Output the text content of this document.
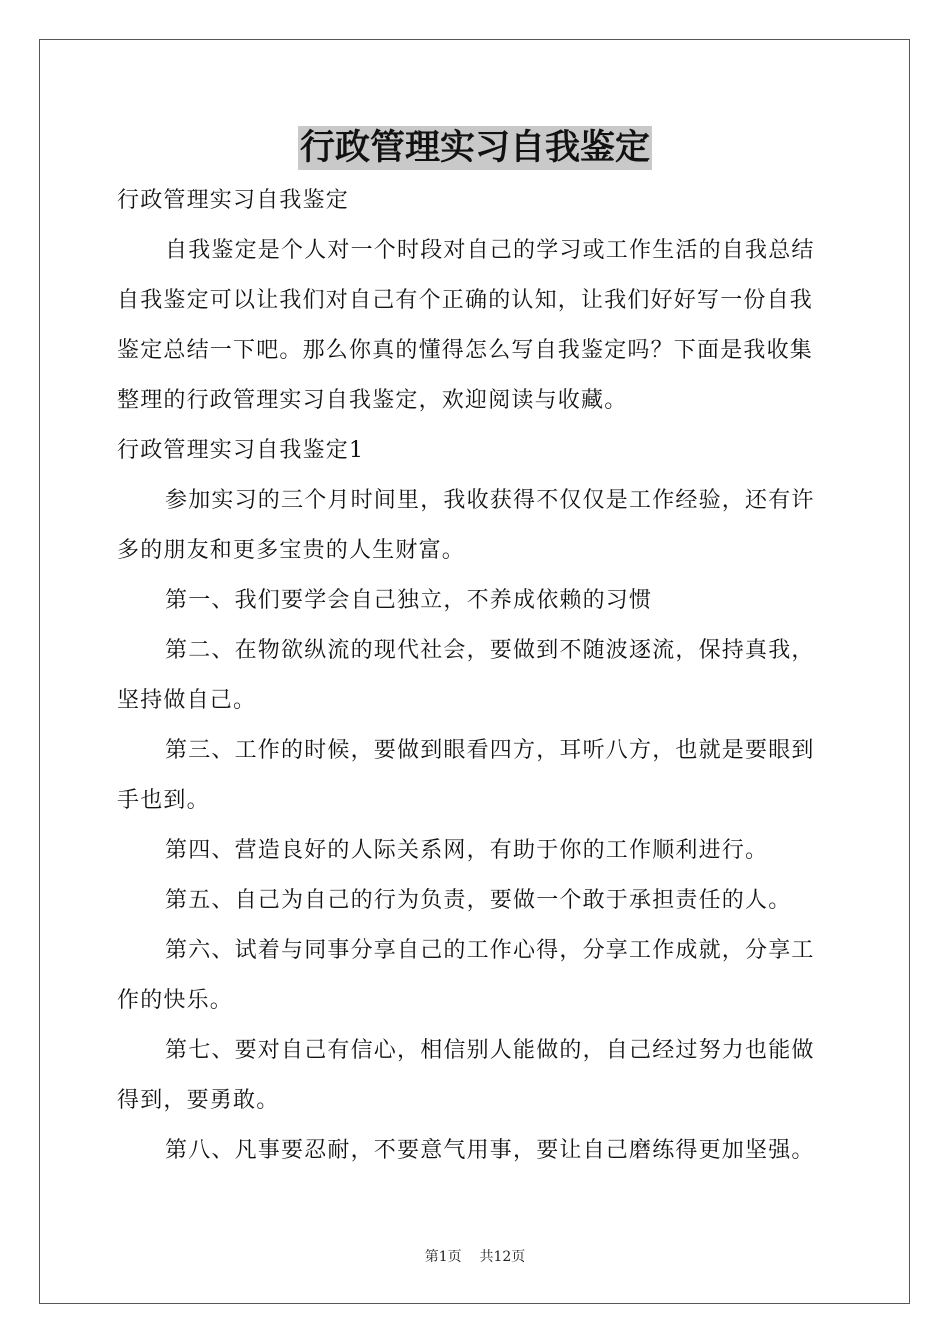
行政管理实习自我鉴定

行政管理实习自我鉴定

自我鉴定是个人对一个时段对自己的学习或工作生活的自我总结自我鉴定可以让我们对自己有个正确的认知，让我们好好写一份自我鉴定总结一下吧。那么你真的懂得怎么写自我鉴定吗？下面是我收集整理的行政管理实习自我鉴定，欢迎阅读与收藏。

行政管理实习自我鉴定1

参加实习的三个月时间里，我收获得不仅仅是工作经验，还有许多的朋友和更多宝贵的人生财富。

第一、我们要学会自己独立，不养成依赖的习惯

第二、在物欲纵流的现代社会，要做到不随波逐流，保持真我，坚持做自己。

第三、工作的时候，要做到眼看四方，耳听八方，也就是要眼到手也到。

第四、营造良好的人际关系网，有助于你的工作顺利进行。

第五、自己为自己的行为负责，要做一个敢于承担责任的人。

第六、试着与同事分享自己的工作心得，分享工作成就，分享工作的快乐。

第七、要对自己有信心，相信别人能做的，自己经过努力也能做得到，要勇敢。

第八、凡事要忍耐，不要意气用事，要让自己磨练得更加坚强。

第1页 共12页
